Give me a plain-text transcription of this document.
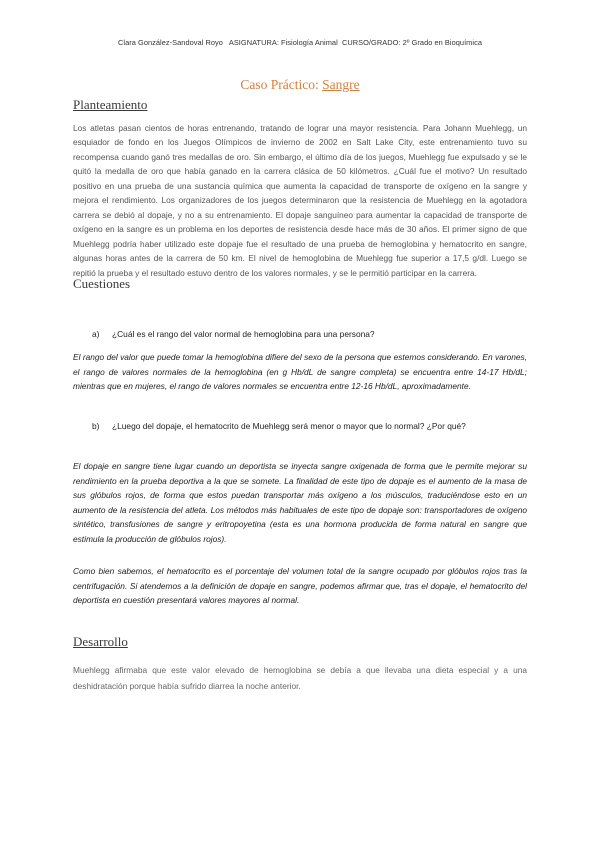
Clara González-Sandoval Royo ASIGNATURA: Fisiología Animal CURSO/GRADO: 2º Grado en Bioquímica
Caso Práctico: Sangre
Planteamiento
Los atletas pasan cientos de horas entrenando, tratando de lograr una mayor resistencia. Para Johann Muehlegg, un esquiador de fondo en los Juegos Olímpicos de invierno de 2002 en Salt Lake City, este entrenamiento tuvo su recompensa cuando ganó tres medallas de oro. Sin embargo, el último día de los juegos, Muehlegg fue expulsado y se le quitó la medalla de oro que había ganado en la carrera clásica de 50 kilómetros. ¿Cuál fue el motivo? Un resultado positivo en una prueba de una sustancia química que aumenta la capacidad de transporte de oxígeno en la sangre y mejora el rendimiento. Los organizadores de los juegos determinaron que la resistencia de Muehlegg en la agotadora carrera se debió al dopaje, y no a su entrenamiento. El dopaje sanguíneo para aumentar la capacidad de transporte de oxígeno en la sangre es un problema en los deportes de resistencia desde hace más de 30 años. El primer signo de que Muehlegg podría haber utilizado este dopaje fue el resultado de una prueba de hemoglobina y hematocrito en sangre, algunas horas antes de la carrera de 50 km. El nivel de hemoglobina de Muehlegg fue superior a 17,5 g/dl. Luego se repitió la prueba y el resultado estuvo dentro de los valores normales, y se le permitió participar en la carrera.
Cuestiones
a) ¿Cuál es el rango del valor normal de hemoglobina para una persona?
El rango del valor que puede tomar la hemoglobina difiere del sexo de la persona que estemos considerando. En varones, el rango de valores normales de la hemoglobina (en g Hb/dL de sangre completa) se encuentra entre 14-17 Hb/dL; mientras que en mujeres, el rango de valores normales se encuentra entre 12-16 Hb/dL, aproximadamente.
b) ¿Luego del dopaje, el hematocrito de Muehlegg será menor o mayor que lo normal? ¿Por qué?
El dopaje en sangre tiene lugar cuando un deportista se inyecta sangre oxigenada de forma que le permite mejorar su rendimiento en la prueba deportiva a la que se somete. La finalidad de este tipo de dopaje es el aumento de la masa de sus glóbulos rojos, de forma que estos puedan transportar más oxígeno a los músculos, traduciéndose esto en un aumento de la resistencia del atleta. Los métodos más habituales de este tipo de dopaje son: transportadores de oxígeno sintético, transfusiones de sangre y eritropoyetina (esta es una hormona producida de forma natural en sangre que estimula la producción de glóbulos rojos).
Como bien sabemos, el hematocrito es el porcentaje del volumen total de la sangre ocupado por glóbulos rojos tras la centrifugación. Si atendemos a la definición de dopaje en sangre, podemos afirmar que, tras el dopaje, el hematocrito del deportista en cuestión presentará valores mayores al normal.
Desarrollo
Muehlegg afirmaba que este valor elevado de hemoglobina se debía a que llevaba una dieta especial y a una deshidratación porque había sufrido diarrea la noche anterior.
